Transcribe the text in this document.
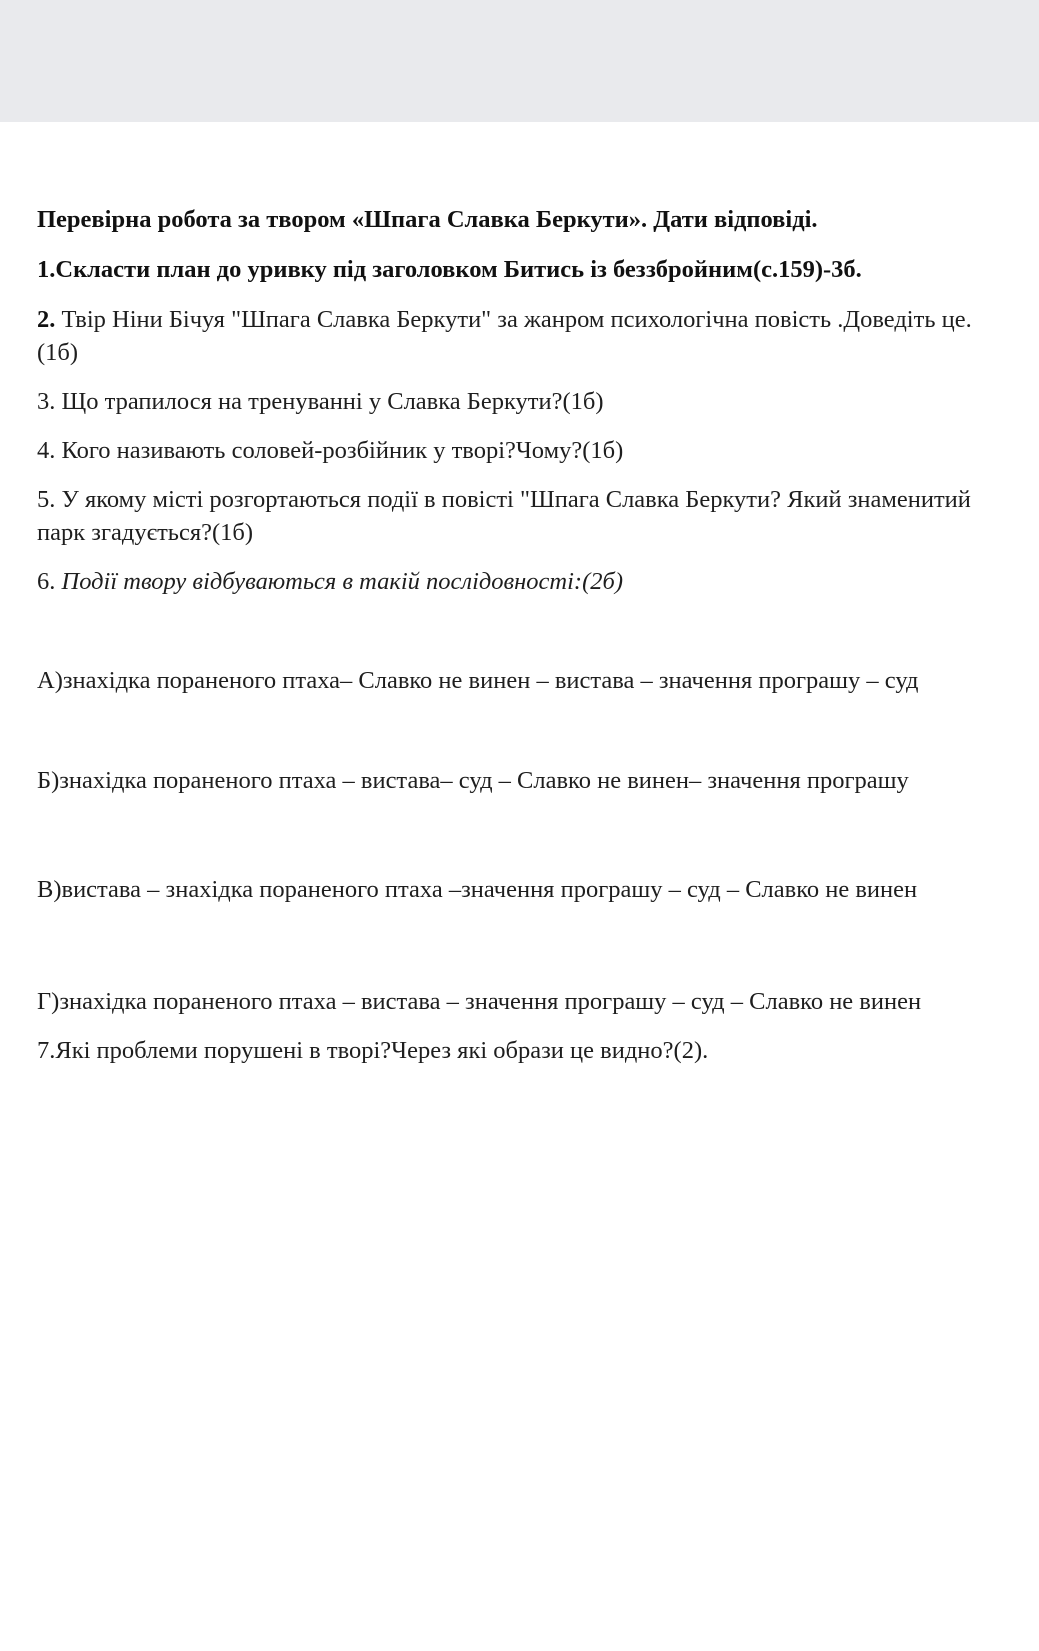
Перевірна робота за твором «Шпага Славка Беркути». Дати відповіді.

1.Скласти план до уривку під заголовком Битись із беззбройним(с.159)-3б.

2. Твір Ніни Бічуя "Шпага Славка Беркути" за жанром психологічна повість .Доведіть це.(1б)

3. Що трапилося на тренуванні у Славка Беркути?(1б)

4. Кого називають соловей-розбійник у творі?Чому?(1б)

5. У якому місті розгортаються події в повісті "Шпага Славка Беркути? Який знаменитий парк згадується?(1б)

6. Події твору відбуваються в такій послідовності:(2б)

А)знахідка пораненого птаха– Славко не винен – вистава – значення програшу – суд

Б)знахідка пораненого птаха – вистава– суд – Славко не винен– значення програшу

В)вистава – знахідка пораненого птаха –значення програшу – суд – Славко не винен

Г)знахідка пораненого птаха – вистава – значення програшу – суд – Славко не винен

7.Які проблеми порушені в творі?Через які образи це видно?(2).
